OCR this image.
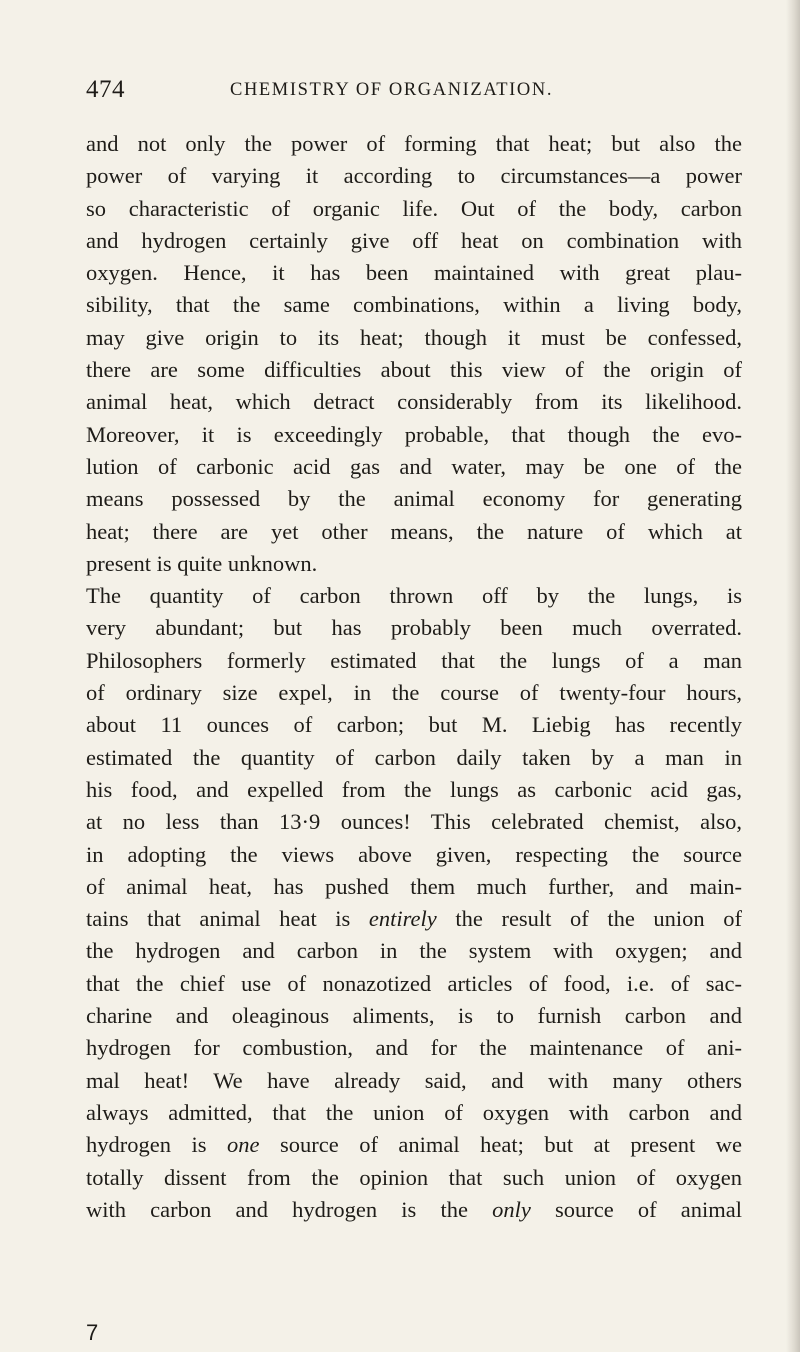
474	CHEMISTRY OF ORGANIZATION.
and not only the power of forming that heat; but also the
power of varying it according to circumstances—a power
so characteristic of organic life. Out of the body, carbon
and hydrogen certainly give off heat on combination with
oxygen. Hence, it has been maintained with great plau-
sibility, that the same combinations, within a living body,
may give origin to its heat; though it must be confessed,
there are some difficulties about this view of the origin of
animal heat, which detract considerably from its likelihood.
Moreover, it is exceedingly probable, that though the evo-
lution of carbonic acid gas and water, may be one of the
means possessed by the animal economy for generating
heat; there are yet other means, the nature of which at
present is quite unknown.
The quantity of carbon thrown off by the lungs, is
very abundant; but has probably been much overrated.
Philosophers formerly estimated that the lungs of a man
of ordinary size expel, in the course of twenty-four hours,
about 11 ounces of carbon; but M. Liebig has recently
estimated the quantity of carbon daily taken by a man in
his food, and expelled from the lungs as carbonic acid gas,
at no less than 13·9 ounces! This celebrated chemist, also,
in adopting the views above given, respecting the source
of animal heat, has pushed them much further, and main-
tains that animal heat is entirely the result of the union of
the hydrogen and carbon in the system with oxygen; and
that the chief use of nonazotized articles of food, i.e. of sac-
charine and oleaginous aliments, is to furnish carbon and
hydrogen for combustion, and for the maintenance of ani-
mal heat! We have already said, and with many others
always admitted, that the union of oxygen with carbon and
hydrogen is one source of animal heat; but at present we
totally dissent from the opinion that such union of oxygen
with carbon and hydrogen is the only source of animal
7
